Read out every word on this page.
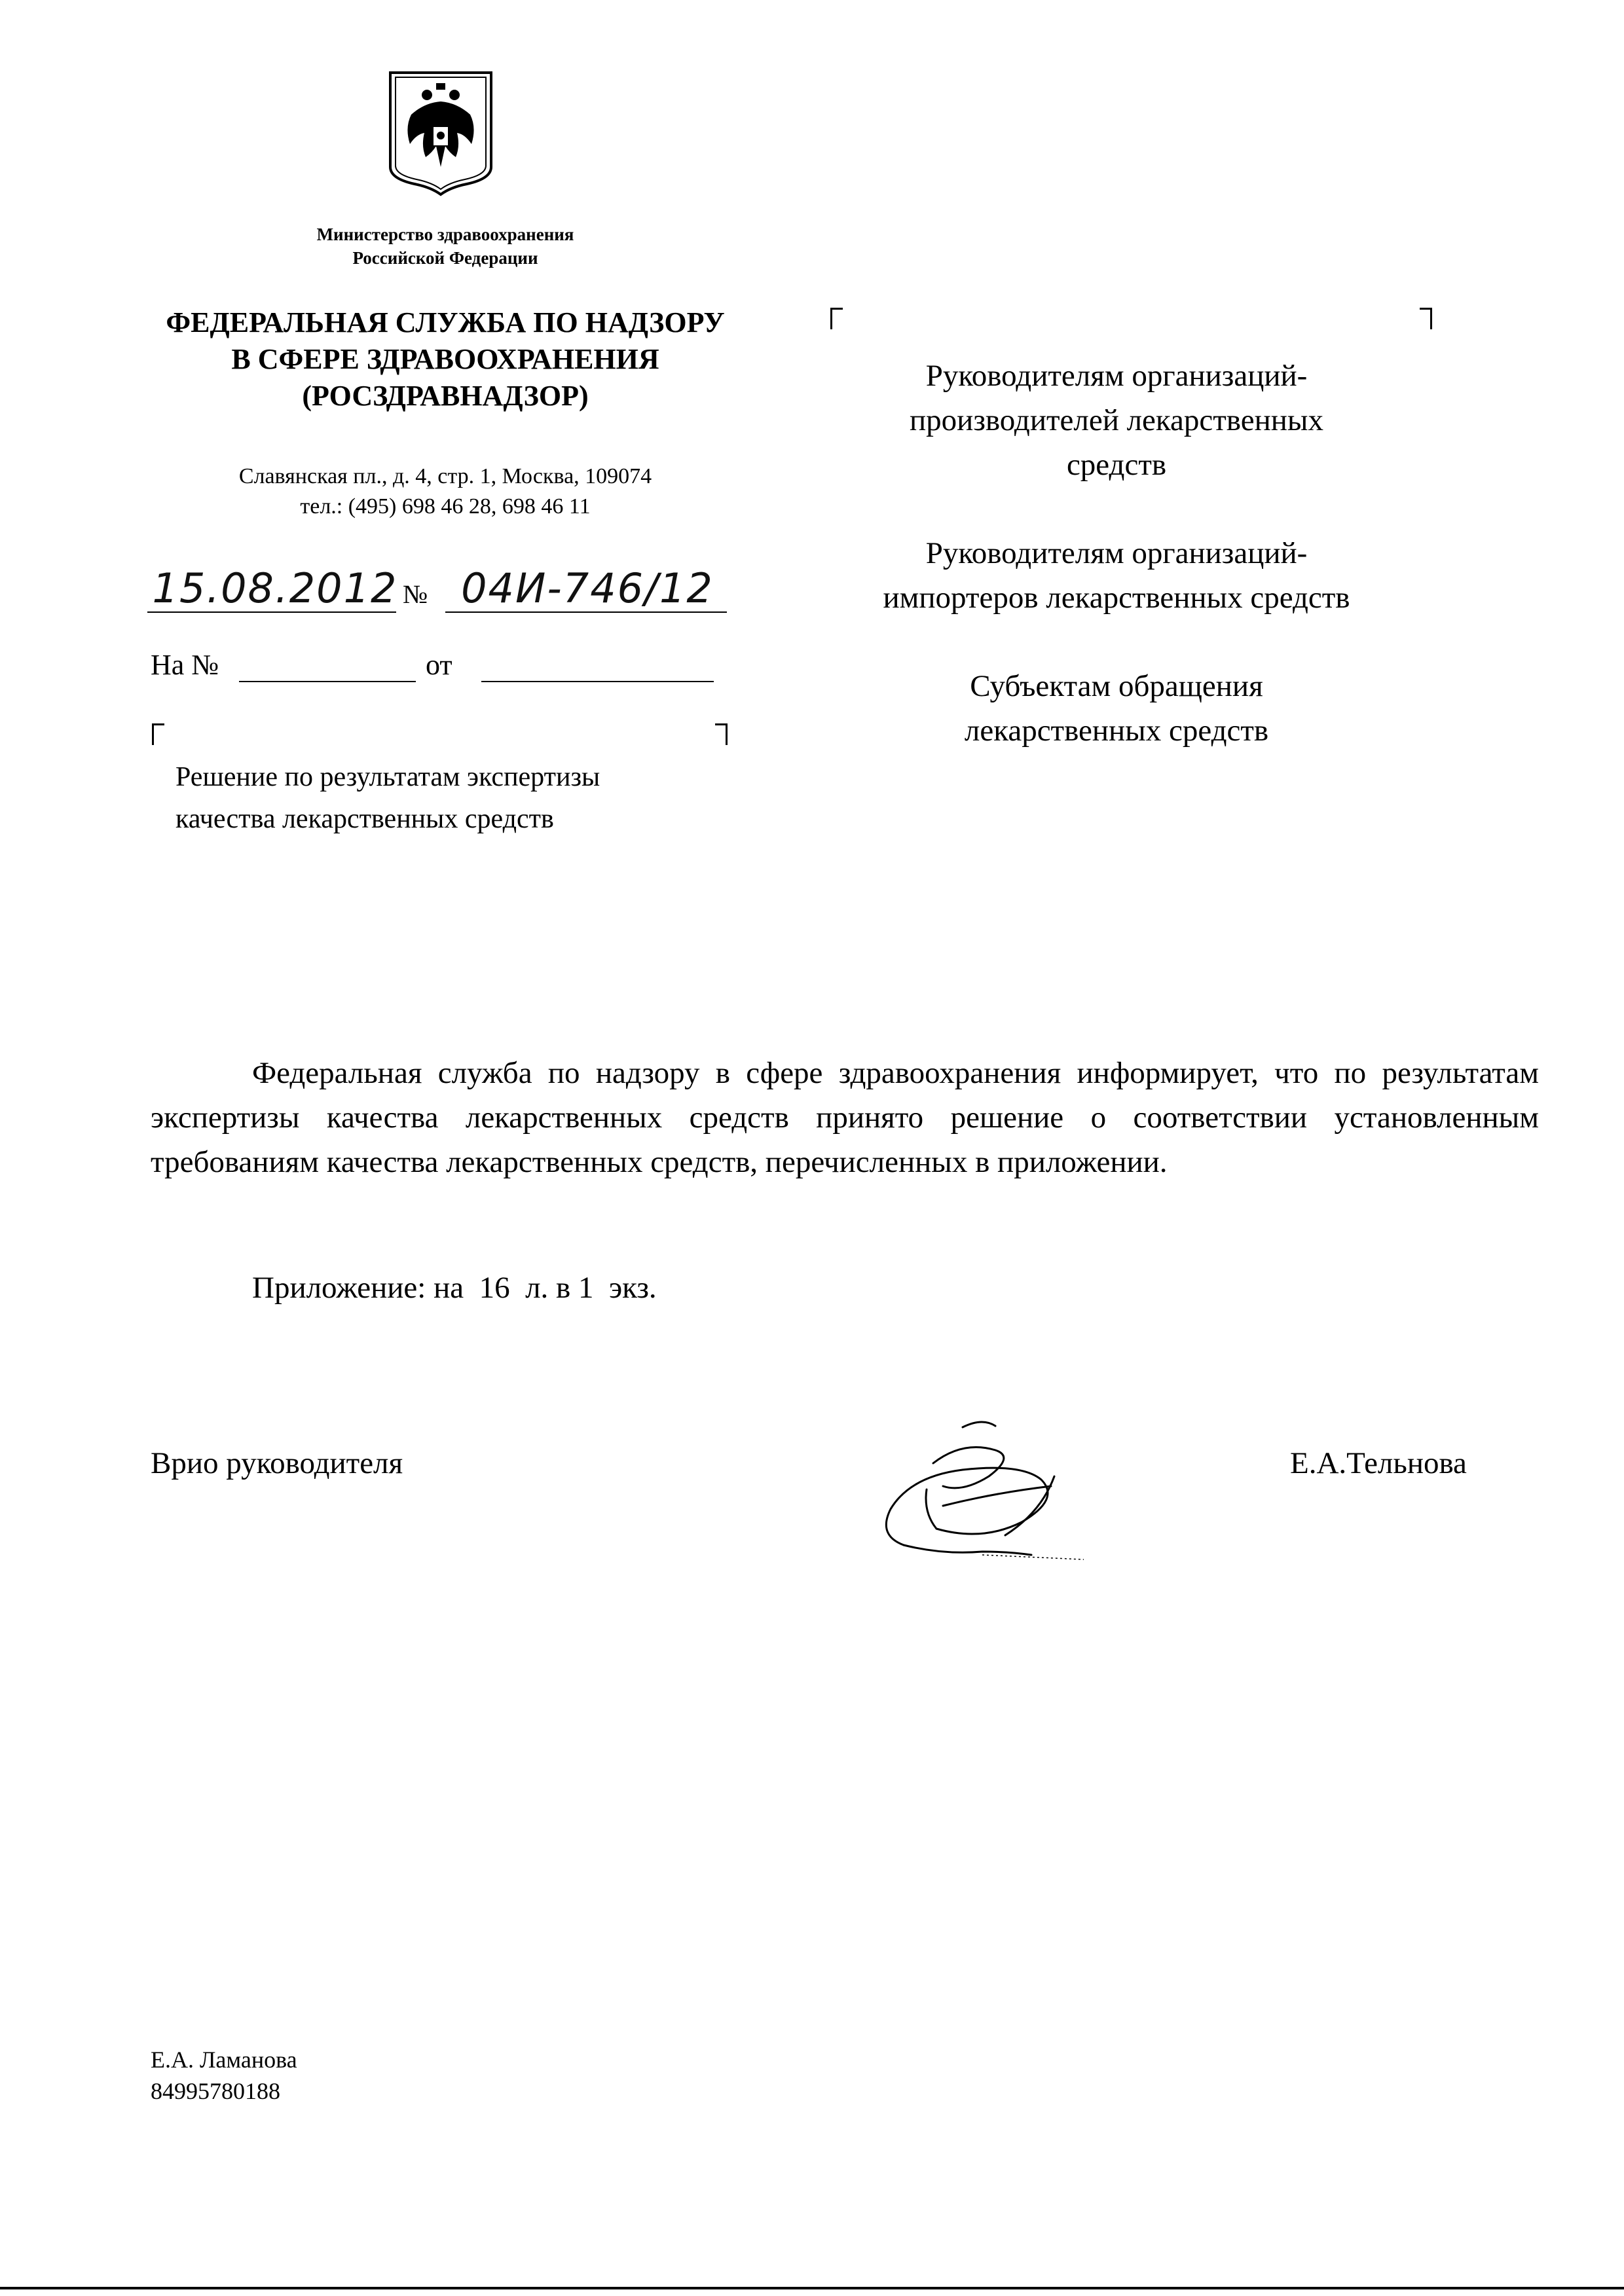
Министерство здравоохранения
Российской Федерации
ФЕДЕРАЛЬНАЯ СЛУЖБА ПО НАДЗОРУ
В СФЕРЕ ЗДРАВООХРАНЕНИЯ
(РОСЗДРАВНАДЗОР)
Славянская пл., д. 4, стр. 1, Москва, 109074
тел.: (495) 698 46 28, 698 46 11
15.08.2012 № 04И-746/12
На №	от
Решение по результатам экспертизы
качества лекарственных средств
Руководителям организаций-
производителей лекарственных
средств
Руководителям организаций-
импортеров лекарственных средств
Субъектам обращения
лекарственных средств
Федеральная служба по надзору в сфере здравоохранения информирует, что по результатам экспертизы качества лекарственных средств принято решение о соответствии установленным требованиям качества лекарственных средств, перечисленных в приложении.
Приложение: на  16  л. в 1  экз.
Врио руководителя	Е.А.Тельнова
Е.А. Ламанова
84995780188
